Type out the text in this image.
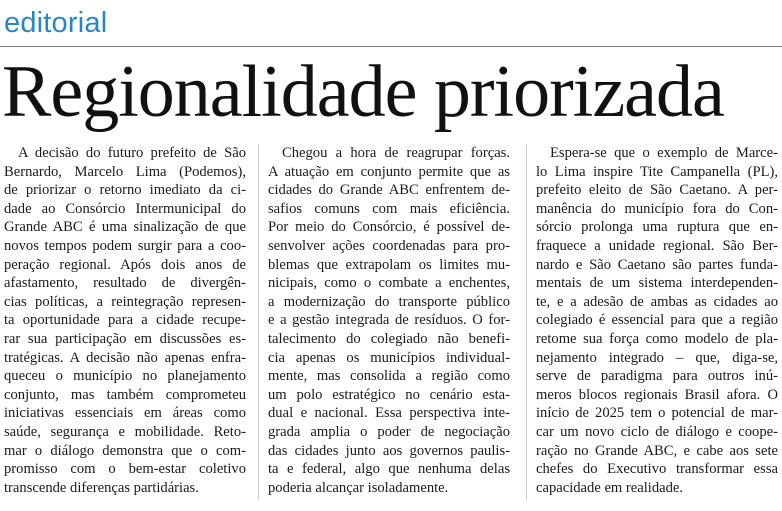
editorial
Regionalidade priorizada
A decisão do futuro prefeito de São
Bernardo, Marcelo Lima (Podemos),
de priorizar o retorno imediato da ci-
dade ao Consórcio Intermunicipal do
Grande ABC é uma sinalização de que
novos tempos podem surgir para a coo-
peração regional. Após dois anos de
afastamento, resultado de divergên-
cias políticas, a reintegração represen-
ta oportunidade para a cidade recupe-
rar sua participação em discussões es-
tratégicas. A decisão não apenas enfra-
queceu o município no planejamento
conjunto, mas também comprometeu
iniciativas essenciais em áreas como
saúde, segurança e mobilidade. Reto-
mar o diálogo demonstra que o com-
promisso com o bem-estar coletivo
transcende diferenças partidárias.
Chegou a hora de reagrupar forças.
A atuação em conjunto permite que as
cidades do Grande ABC enfrentem de-
safios comuns com mais eficiência.
Por meio do Consórcio, é possível de-
senvolver ações coordenadas para pro-
blemas que extrapolam os limites mu-
nicipais, como o combate a enchentes,
a modernização do transporte público
e a gestão integrada de resíduos. O for-
talecimento do colegiado não benefi-
cia apenas os municípios individual-
mente, mas consolida a região como
um polo estratégico no cenário esta-
dual e nacional. Essa perspectiva inte-
grada amplia o poder de negociação
das cidades junto aos governos paulis-
ta e federal, algo que nenhuma delas
poderia alcançar isoladamente.
Espera-se que o exemplo de Marce-
lo Lima inspire Tite Campanella (PL),
prefeito eleito de São Caetano. A per-
manência do município fora do Con-
sórcio prolonga uma ruptura que en-
fraquece a unidade regional. São Ber-
nardo e São Caetano são partes funda-
mentais de um sistema interdependen-
te, e a adesão de ambas as cidades ao
colegiado é essencial para que a região
retome sua força como modelo de pla-
nejamento integrado – que, diga-se,
serve de paradigma para outros inú-
meros blocos regionais Brasil afora. O
início de 2025 tem o potencial de mar-
car um novo ciclo de diálogo e coope-
ração no Grande ABC, e cabe aos sete
chefes do Executivo transformar essa
capacidade em realidade.
